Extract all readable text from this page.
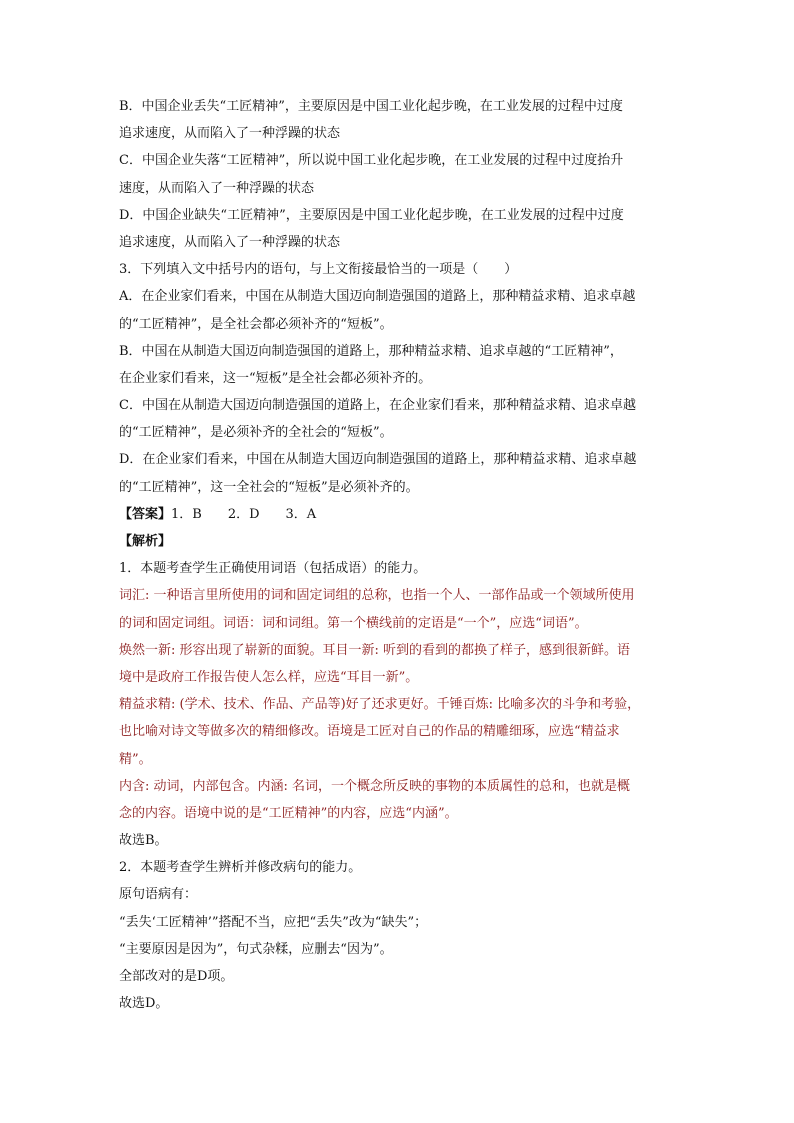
B．中国企业丢失“工匠精神”，主要原因是中国工业化起步晚，在工业发展的过程中过度
追求速度，从而陷入了一种浮躁的状态
C．中国企业失落“工匠精神”，所以说中国工业化起步晚，在工业发展的过程中过度抬升
速度，从而陷入了一种浮躁的状态
D．中国企业缺失“工匠精神”，主要原因是中国工业化起步晚，在工业发展的过程中过度
追求速度，从而陷入了一种浮躁的状态
3．下列填入文中括号内的语句，与上文衔接最恰当的一项是（　　）
A．在企业家们看来，中国在从制造大国迈向制造强国的道路上，那种精益求精、追求卓越
的“工匠精神”，是全社会都必须补齐的“短板”。
B．中国在从制造大国迈向制造强国的道路上，那种精益求精、追求卓越的“工匠精神”，
在企业家们看来，这一“短板”是全社会都必须补齐的。
C．中国在从制造大国迈向制造强国的道路上，在企业家们看来，那种精益求精、追求卓越
的“工匠精神”，是必须补齐的全社会的“短板”。
D．在企业家们看来，中国在从制造大国迈向制造强国的道路上，那种精益求精、追求卓越
的“工匠精神”，这一全社会的“短板”是必须补齐的。
【答案】1．B　　2．D　　3．A
【解析】
1．本题考查学生正确使用词语（包括成语）的能力。
词汇: 一种语言里所使用的词和固定词组的总称，也指一个人、一部作品或一个领域所使用
的词和固定词组。词语：词和词组。第一个横线前的定语是“一个”，应选“词语”。
焕然一新: 形容出现了崭新的面貌。耳目一新: 听到的看到的都换了样子，感到很新鲜。语
境中是政府工作报告使人怎么样，应选“耳目一新”。
精益求精: (学术、技术、作品、产品等)好了还求更好。千锤百炼: 比喻多次的斗争和考验，
也比喻对诗文等做多次的精细修改。语境是工匠对自己的作品的精雕细琢，应选“精益求
精”。
内含: 动词，内部包含。内涵: 名词，一个概念所反映的事物的本质属性的总和，也就是概
念的内容。语境中说的是“工匠精神”的内容，应选“内涵”。
故选B。
2．本题考查学生辨析并修改病句的能力。
原句语病有：
“丢失‘工匠精神’”搭配不当，应把“丢失”改为“缺失”；
“主要原因是因为”，句式杂糅，应删去“因为”。
全部改对的是D项。
故选D。
